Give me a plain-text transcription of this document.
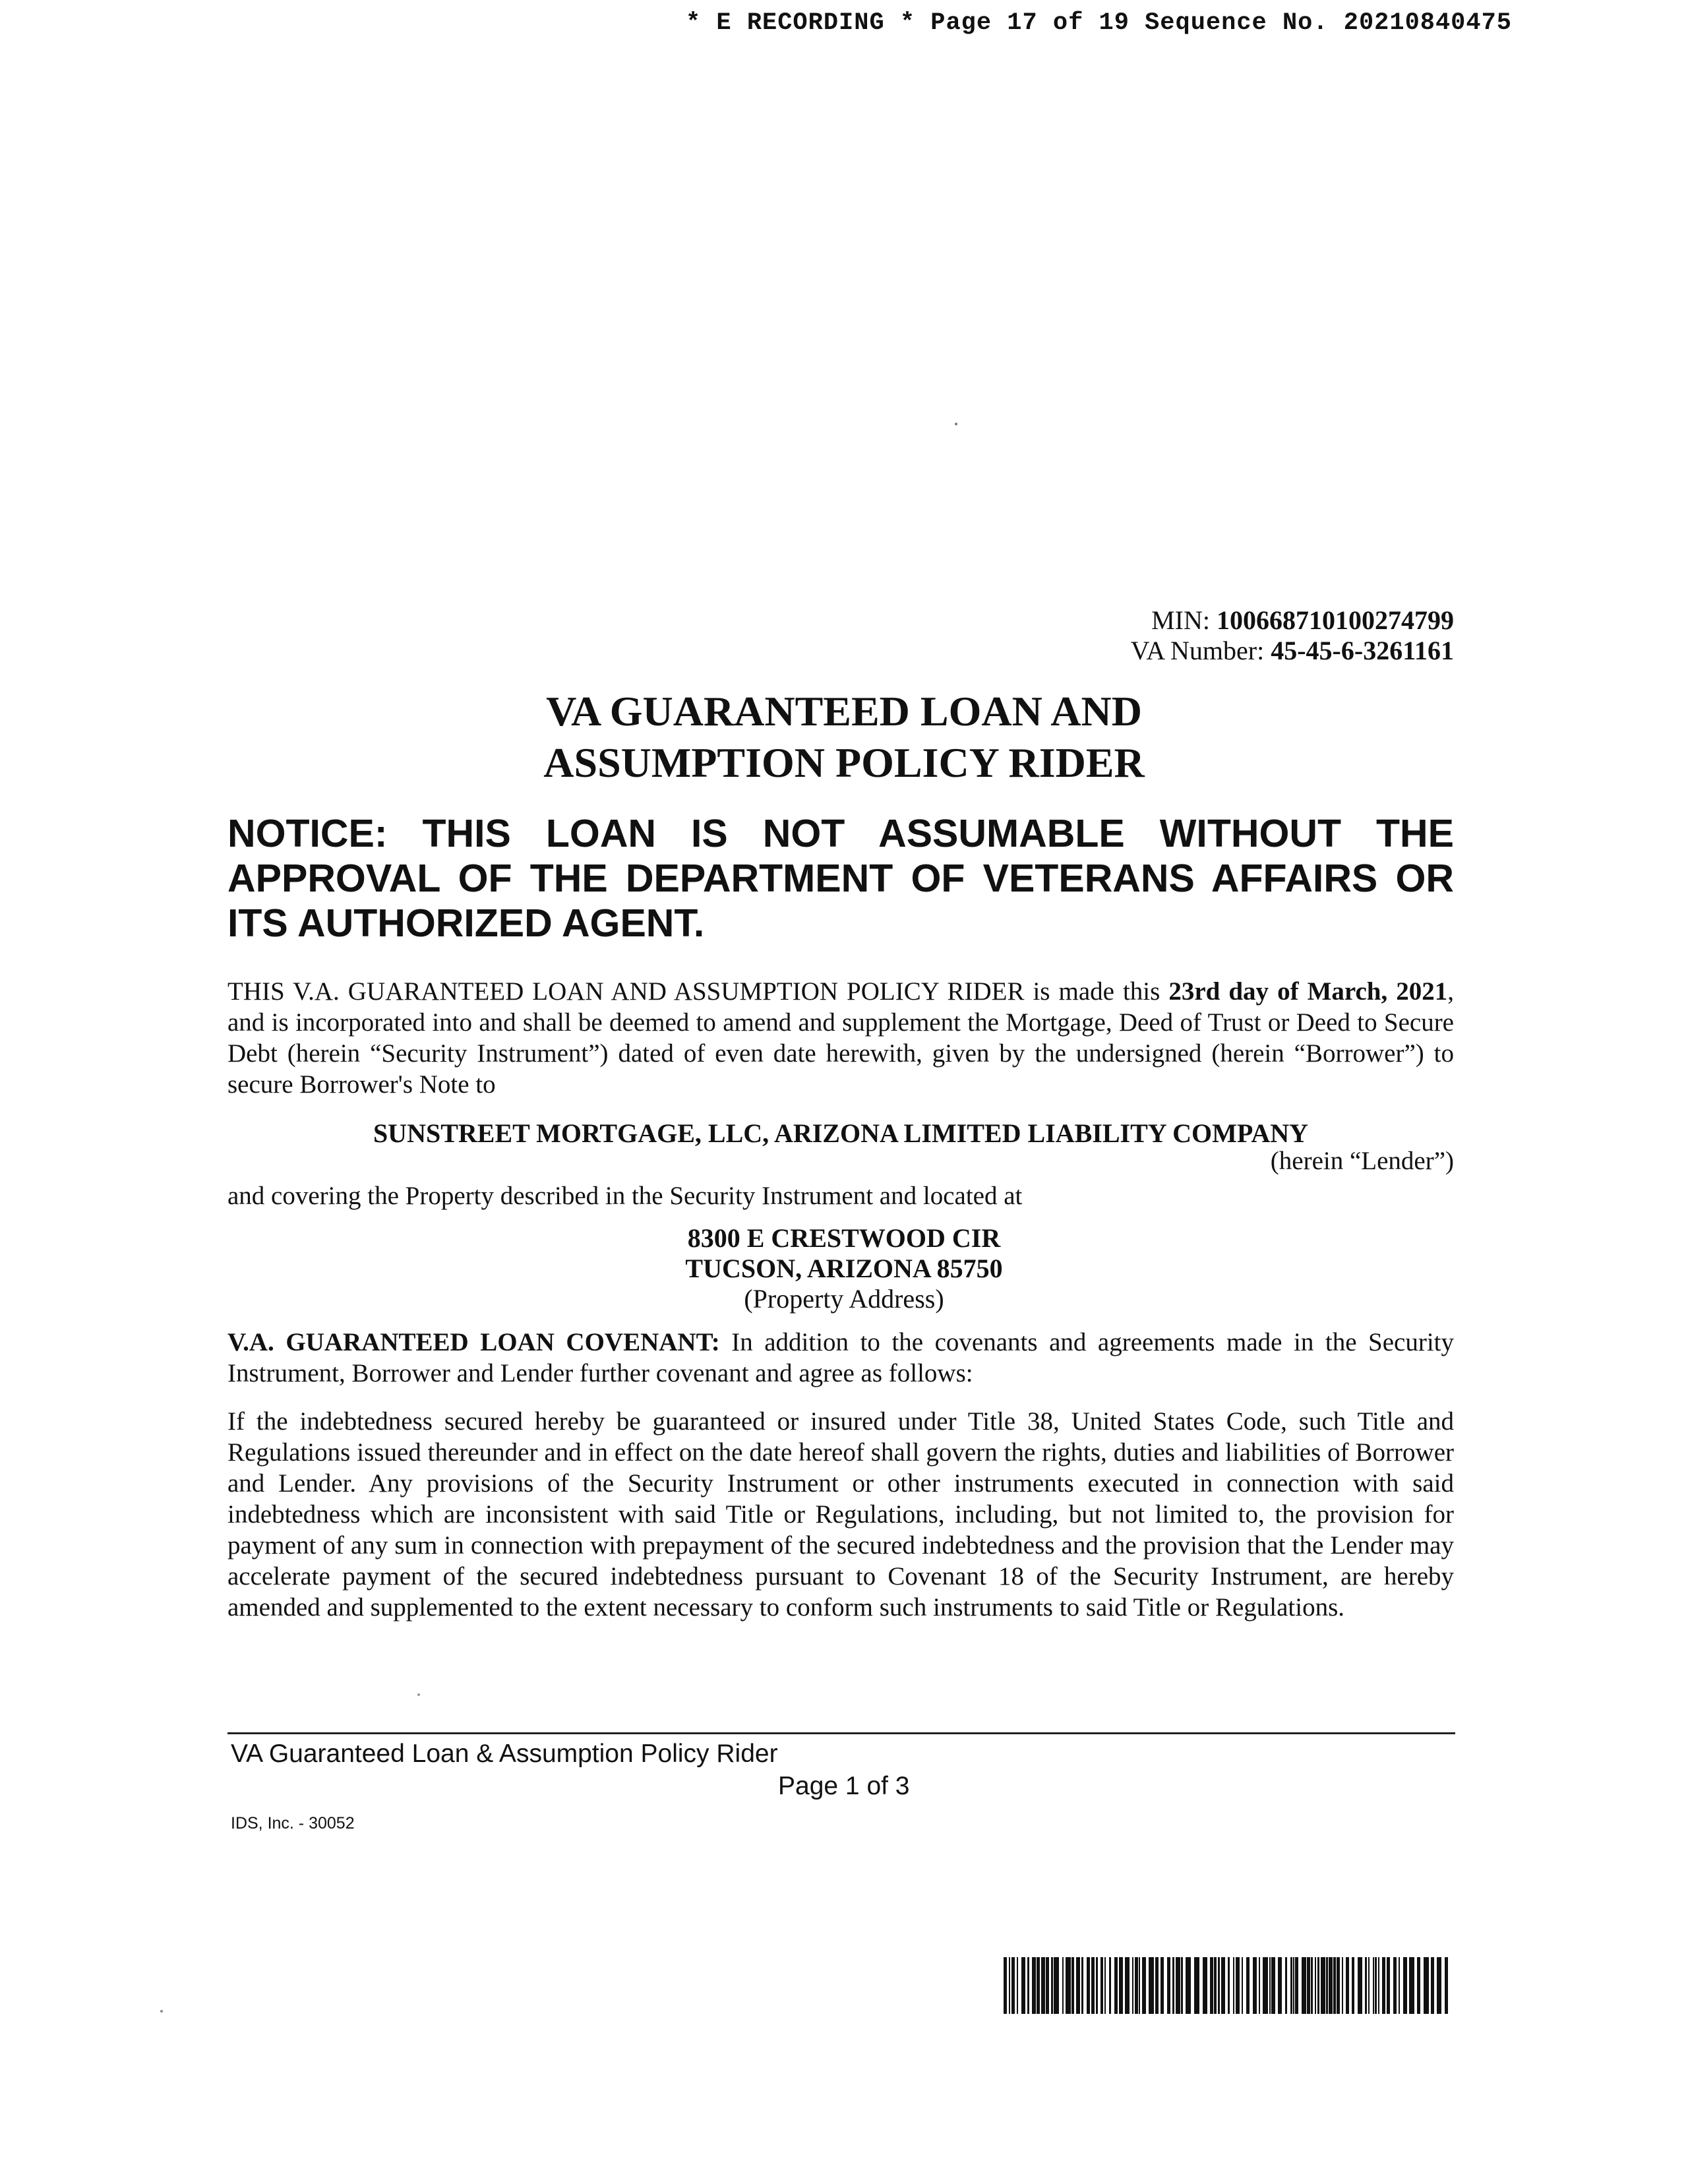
* E RECORDING * Page 17 of 19 Sequence No. 20210840475
MIN: 100668710100274799
VA Number: 45-45-6-3261161
VA GUARANTEED LOAN AND
ASSUMPTION POLICY RIDER
NOTICE: THIS LOAN IS NOT ASSUMABLE WITHOUT THE APPROVAL OF THE DEPARTMENT OF VETERANS AFFAIRS OR ITS AUTHORIZED AGENT.
THIS V.A. GUARANTEED LOAN AND ASSUMPTION POLICY RIDER is made this 23rd day of March, 2021, and is incorporated into and shall be deemed to amend and supplement the Mortgage, Deed of Trust or Deed to Secure Debt (herein “Security Instrument”) dated of even date herewith, given by the undersigned (herein “Borrower”) to secure Borrower's Note to
SUNSTREET MORTGAGE, LLC, ARIZONA LIMITED LIABILITY COMPANY
(herein “Lender”)
and covering the Property described in the Security Instrument and located at
8300 E CRESTWOOD CIR
TUCSON, ARIZONA 85750
(Property Address)
V.A. GUARANTEED LOAN COVENANT: In addition to the covenants and agreements made in the Security Instrument, Borrower and Lender further covenant and agree as follows:
If the indebtedness secured hereby be guaranteed or insured under Title 38, United States Code, such Title and Regulations issued thereunder and in effect on the date hereof shall govern the rights, duties and liabilities of Borrower and Lender. Any provisions of the Security Instrument or other instruments executed in connection with said indebtedness which are inconsistent with said Title or Regulations, including, but not limited to, the provision for payment of any sum in connection with prepayment of the secured indebtedness and the provision that the Lender may accelerate payment of the secured indebtedness pursuant to Covenant 18 of the Security Instrument, are hereby amended and supplemented to the extent necessary to conform such instruments to said Title or Regulations.
VA Guaranteed Loan & Assumption Policy Rider
Page 1 of 3
IDS, Inc. - 30052
